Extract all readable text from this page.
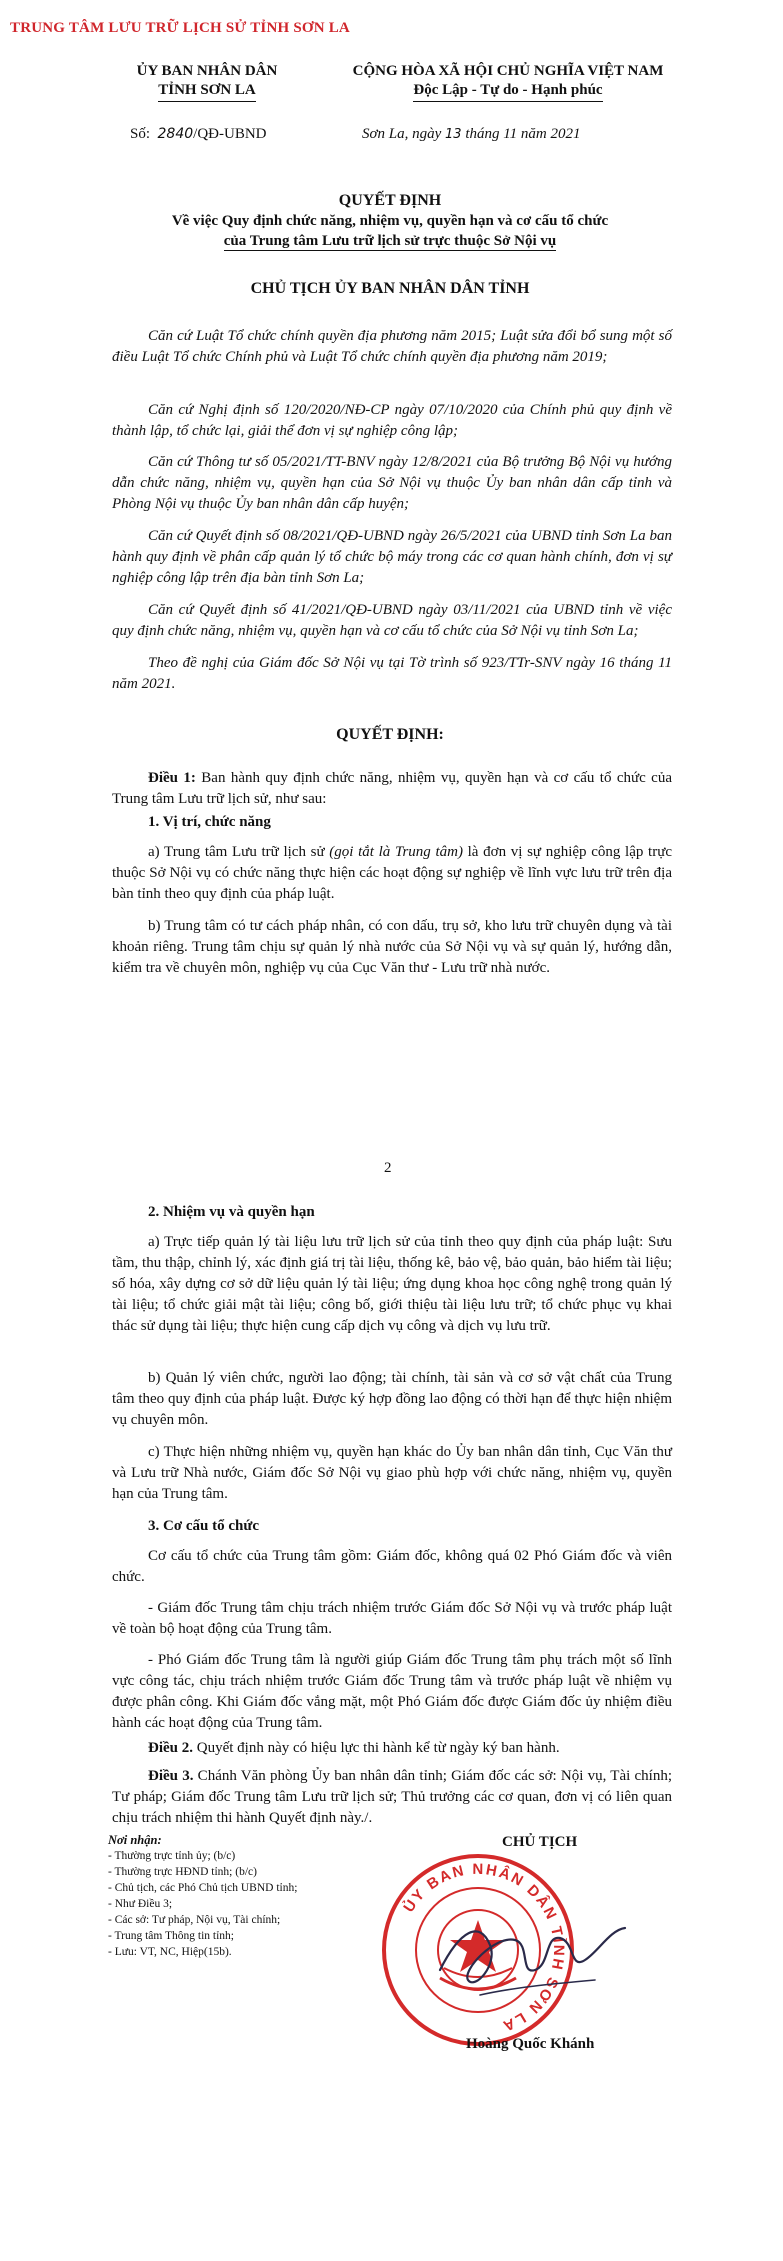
TRUNG TÂM LƯU TRỮ LỊCH SỬ TỈNH SƠN LA
ỦY BAN NHÂN DÂN
TỈNH SƠN LA
CỘNG HÒA XÃ HỘI CHỦ NGHĨA VIỆT NAM
Độc Lập - Tự do - Hạnh phúc
Số: 2840/QĐ-UBND	Sơn La, ngày 13 tháng 11 năm 2021
QUYẾT ĐỊNH
Về việc Quy định chức năng, nhiệm vụ, quyền hạn và cơ cấu tổ chức
của Trung tâm Lưu trữ lịch sử trực thuộc Sở Nội vụ
CHỦ TỊCH ỦY BAN NHÂN DÂN TỈNH

Căn cứ Luật Tổ chức chính quyền địa phương năm 2015; Luật sửa đổi bổ sung một số điều Luật Tổ chức Chính phủ và Luật Tổ chức chính quyền địa phương năm 2019;

Căn cứ Nghị định số 120/2020/NĐ-CP ngày 07/10/2020 của Chính phủ quy định về thành lập, tổ chức lại, giải thể đơn vị sự nghiệp công lập;

Căn cứ Thông tư số 05/2021/TT-BNV ngày 12/8/2021 của Bộ trưởng Bộ Nội vụ hướng dẫn chức năng, nhiệm vụ, quyền hạn của Sở Nội vụ thuộc Ủy ban nhân dân cấp tỉnh và Phòng Nội vụ thuộc Ủy ban nhân dân cấp huyện;

Căn cứ Quyết định số 08/2021/QĐ-UBND ngày 26/5/2021 của UBND tỉnh Sơn La ban hành quy định về phân cấp quản lý tổ chức bộ máy trong các cơ quan hành chính, đơn vị sự nghiệp công lập trên địa bàn tỉnh Sơn La;

Căn cứ Quyết định số 41/2021/QĐ-UBND ngày 03/11/2021 của UBND tỉnh về việc quy định chức năng, nhiệm vụ, quyền hạn và cơ cấu tổ chức của Sở Nội vụ tỉnh Sơn La;

Theo đề nghị của Giám đốc Sở Nội vụ tại Tờ trình số 923/TTr-SNV ngày 16 tháng 11 năm 2021.

QUYẾT ĐỊNH:

Điều 1: Ban hành quy định chức năng, nhiệm vụ, quyền hạn và cơ cấu tổ chức của Trung tâm Lưu trữ lịch sử, như sau:

1. Vị trí, chức năng

a) Trung tâm Lưu trữ lịch sử (gọi tắt là Trung tâm) là đơn vị sự nghiệp công lập trực thuộc Sở Nội vụ có chức năng thực hiện các hoạt động sự nghiệp về lĩnh vực lưu trữ trên địa bàn tỉnh theo quy định của pháp luật.

b) Trung tâm có tư cách pháp nhân, có con dấu, trụ sở, kho lưu trữ chuyên dụng và tài khoản riêng. Trung tâm chịu sự quản lý nhà nước của Sở Nội vụ và sự quản lý, hướng dẫn, kiểm tra về chuyên môn, nghiệp vụ của Cục Văn thư - Lưu trữ nhà nước.

2
2. Nhiệm vụ và quyền hạn

a) Trực tiếp quản lý tài liệu lưu trữ lịch sử của tỉnh theo quy định của pháp luật: Sưu tầm, thu thập, chỉnh lý, xác định giá trị tài liệu, thống kê, bảo vệ, bảo quản, bảo hiểm tài liệu; số hóa, xây dựng cơ sở dữ liệu quản lý tài liệu; ứng dụng khoa học công nghệ trong quản lý tài liệu; tổ chức giải mật tài liệu; công bố, giới thiệu tài liệu lưu trữ; tổ chức phục vụ khai thác sử dụng tài liệu; thực hiện cung cấp dịch vụ công và dịch vụ lưu trữ.

b) Quản lý viên chức, người lao động; tài chính, tài sản và cơ sở vật chất của Trung tâm theo quy định của pháp luật. Được ký hợp đồng lao động có thời hạn để thực hiện nhiệm vụ chuyên môn.

c) Thực hiện những nhiệm vụ, quyền hạn khác do Ủy ban nhân dân tỉnh, Cục Văn thư và Lưu trữ Nhà nước, Giám đốc Sở Nội vụ giao phù hợp với chức năng, nhiệm vụ, quyền hạn của Trung tâm.

3. Cơ cấu tổ chức

Cơ cấu tổ chức của Trung tâm gồm: Giám đốc, không quá 02 Phó Giám đốc và viên chức.

- Giám đốc Trung tâm chịu trách nhiệm trước Giám đốc Sở Nội vụ và trước pháp luật về toàn bộ hoạt động của Trung tâm.

- Phó Giám đốc Trung tâm là người giúp Giám đốc Trung tâm phụ trách một số lĩnh vực công tác, chịu trách nhiệm trước Giám đốc Trung tâm và trước pháp luật về nhiệm vụ được phân công. Khi Giám đốc vắng mặt, một Phó Giám đốc được Giám đốc ủy nhiệm điều hành các hoạt động của Trung tâm.

Điều 2. Quyết định này có hiệu lực thi hành kể từ ngày ký ban hành.

Điều 3. Chánh Văn phòng Ủy ban nhân dân tỉnh; Giám đốc các sở: Nội vụ, Tài chính; Tư pháp; Giám đốc Trung tâm Lưu trữ lịch sử; Thủ trưởng các cơ quan, đơn vị có liên quan chịu trách nhiệm thi hành Quyết định này./.

Nơi nhận:
- Thường trực tỉnh ủy; (b/c)
- Thường trực HĐND tỉnh; (b/c)
- Chủ tịch, các Phó Chủ tịch UBND tỉnh;
- Như Điều 3;
- Các sở: Tư pháp, Nội vụ, Tài chính;
- Trung tâm Thông tin tỉnh;
- Lưu: VT, NC, Hiệp(15b).
CHỦ TỊCH
ỦY BAN NHÂN DÂN TỈNH SƠN LA
Hoàng Quốc Khánh
